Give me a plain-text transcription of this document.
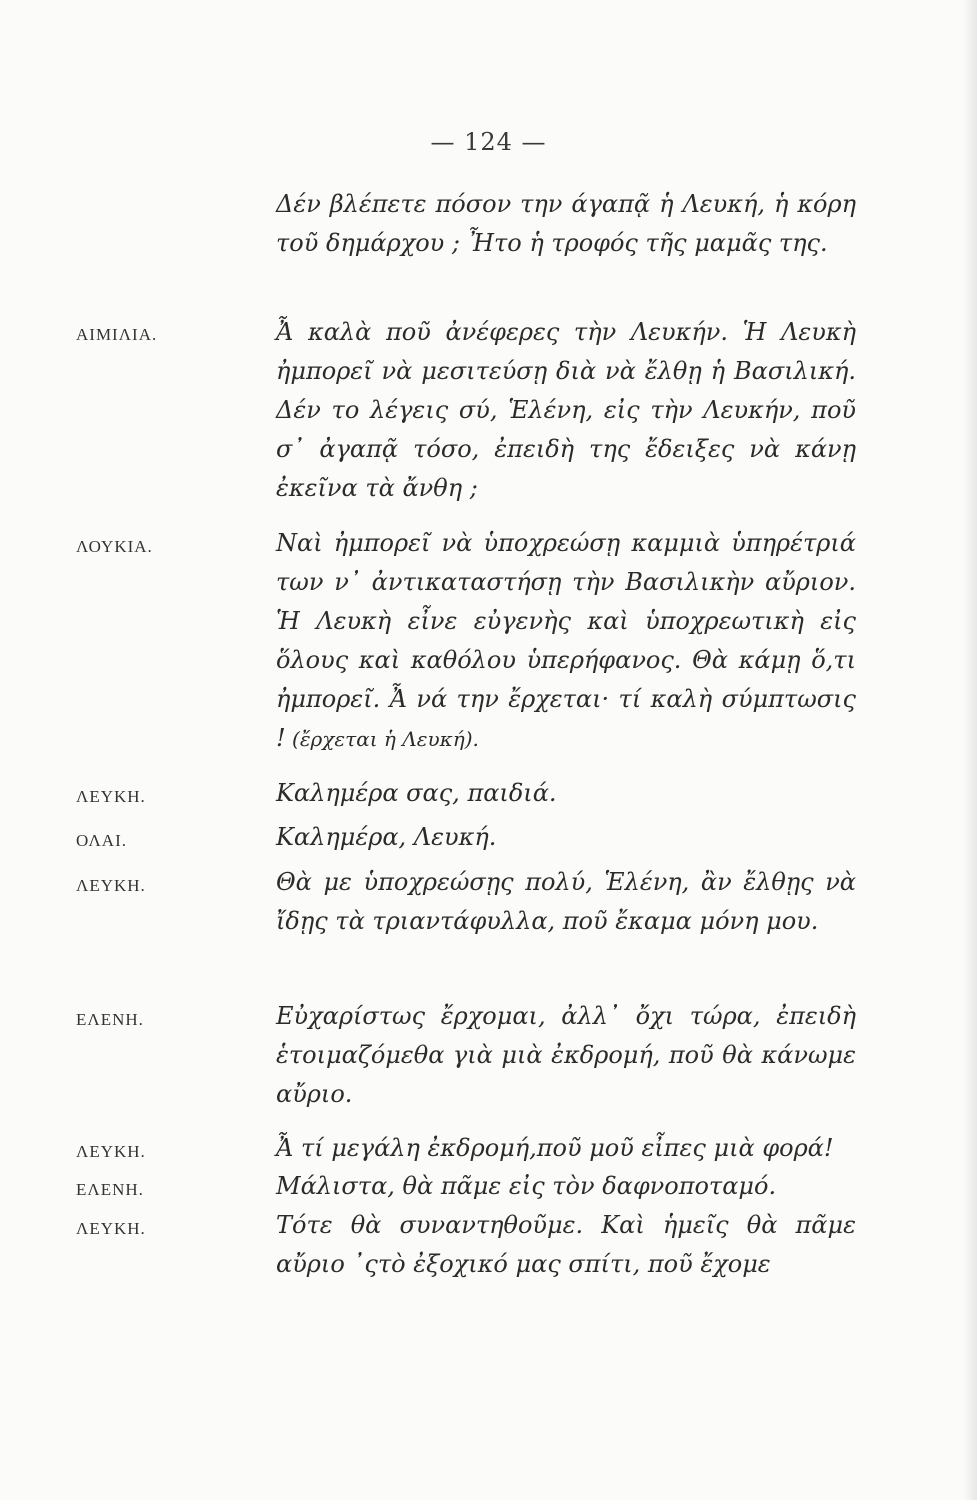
— 124 —
Δέν βλέπετε πόσον την άγαπᾷ ἡ Λευκή, ἡ κόρη τοῦ δημάρχου ; Ἦτο ἡ τροφός τῆς μαμᾶς της.
ΑΙΜΙΛΙΑ.	Ἆ καλὰ ποῦ ἀνέφερες τὴν Λευκήν. Ἡ Λευκὴ ἠμπορεῖ νὰ μεσιτεύσῃ διὰ νὰ ἔλθῃ ἡ Βασιλική. Δέν το λέγεις σύ, Ἑλένη, εἰς τὴν Λευκήν, ποῦ σ᾽ ἀγαπᾷ τόσο, ἐπειδὴ της ἔδειξες νὰ κάνῃ ἐκεῖνα τὰ ἄνθη ;
ΛΟΥΚΙΑ.	Ναὶ ἠμπορεῖ νὰ ὑποχρεώσῃ καμμιὰ ὑπηρέτριά των ν᾽ ἀντικαταστήσῃ τὴν Βασιλικὴν αὔριον. Ἡ Λευκὴ εἶνε εὐγενὴς καὶ ὑποχρεωτικὴ εἰς ὅλους καὶ καθόλου ὑπερήφανος. Θὰ κάμῃ ὅ,τι ἠμπορεῖ. Ἆ νά την ἔρχεται· τί καλὴ σύμπτωσις ! (ἔρχεται ἡ Λευκή).
ΛΕΥΚΗ.	Καλημέρα σας, παιδιά.
ΟΛΑΙ.	Καλημέρα, Λευκή.
ΛΕΥΚΗ.	Θὰ με ὑποχρεώσῃς πολύ, Ἑλένη, ἂν ἔλθῃς νὰ ἴδῃς τὰ τριαντάφυλλα, ποῦ ἔκαμα μόνη μου.
ΕΛΕΝΗ.	Εὐχαρίστως ἔρχομαι, ἀλλ᾽ ὄχι τώρα, ἐπειδὴ ἑτοιμαζόμεθα γιὰ μιὰ ἐκδρομή, ποῦ θὰ κάνωμε αὔριο.
ΛΕΥΚΗ.	Ἆ τί μεγάλη ἐκδρομή,ποῦ μοῦ εἶπες μιὰ φορά!
ΕΛΕΝΗ.	Μάλιστα, θὰ πᾶμε εἰς τὸν δαφνοποταμό.
ΛΕΥΚΗ.	Τότε θὰ συναντηθοῦμε. Καὶ ἡμεῖς θὰ πᾶμε αὔριο ᾽ςτὸ ἐξοχικό μας σπίτι, ποῦ ἔχομε
